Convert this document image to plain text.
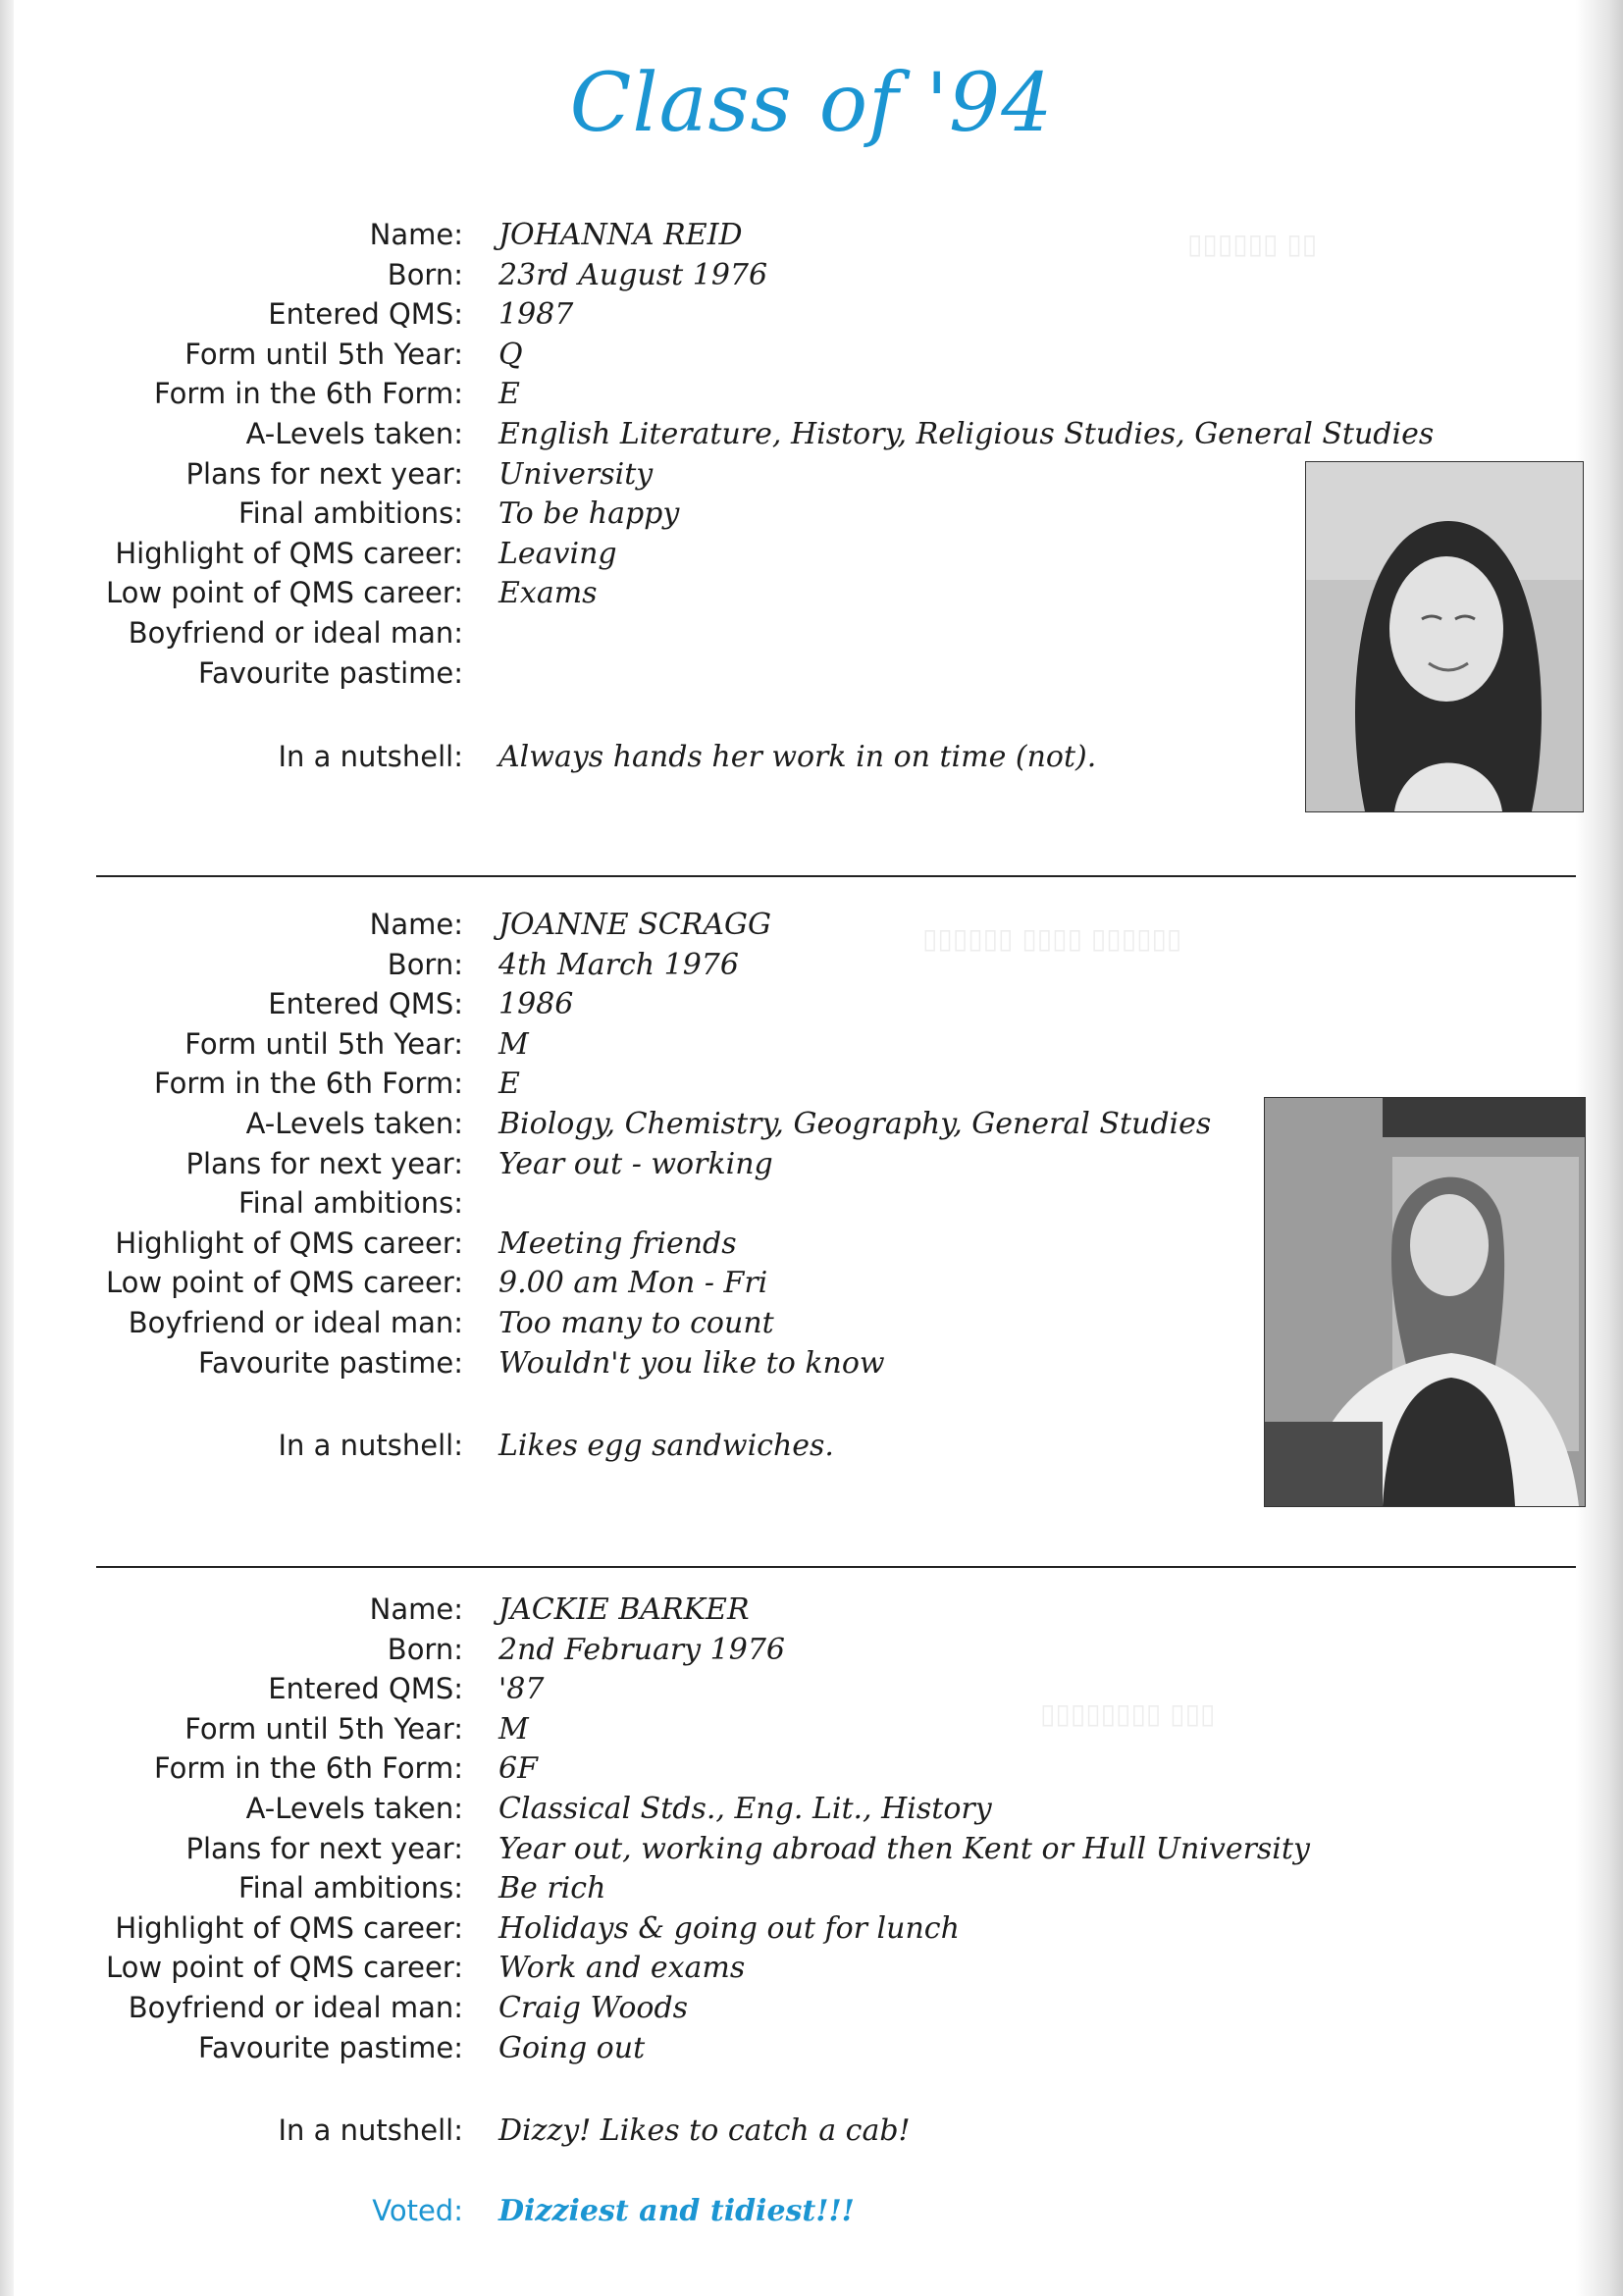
▯▯▯▯▯▯ ▯▯
▯▯▯▯▯▯ ▯▯▯▯ ▯▯▯▯▯▯
▯▯▯▯▯▯▯▯ ▯▯▯
Class of '94
Name: JOHANNA REID
Born: 23rd August 1976
Entered QMS: 1987
Form until 5th Year: Q
Form in the 6th Form: E
A-Levels taken: English Literature, History, Religious Studies, General Studies
Plans for next year: University
Final ambitions: To be happy
Highlight of QMS career: Leaving
Low point of QMS career: Exams
Boyfriend or ideal man:
Favourite pastime:
In a nutshell: Always hands her work in on time (not).
Name: JOANNE SCRAGG
Born: 4th March 1976
Entered QMS: 1986
Form until 5th Year: M
Form in the 6th Form: E
A-Levels taken: Biology, Chemistry, Geography, General Studies
Plans for next year: Year out - working
Final ambitions:
Highlight of QMS career: Meeting friends
Low point of QMS career: 9.00 am Mon - Fri
Boyfriend or ideal man: Too many to count
Favourite pastime: Wouldn't you like to know
In a nutshell: Likes egg sandwiches.
Name: JACKIE BARKER
Born: 2nd February 1976
Entered QMS: '87
Form until 5th Year: M
Form in the 6th Form: 6F
A-Levels taken: Classical Stds., Eng. Lit., History
Plans for next year: Year out, working abroad then Kent or Hull University
Final ambitions: Be rich
Highlight of QMS career: Holidays & going out for lunch
Low point of QMS career: Work and exams
Boyfriend or ideal man: Craig Woods
Favourite pastime: Going out
In a nutshell: Dizzy! Likes to catch a cab!
Voted: Dizziest and tidiest!!!
